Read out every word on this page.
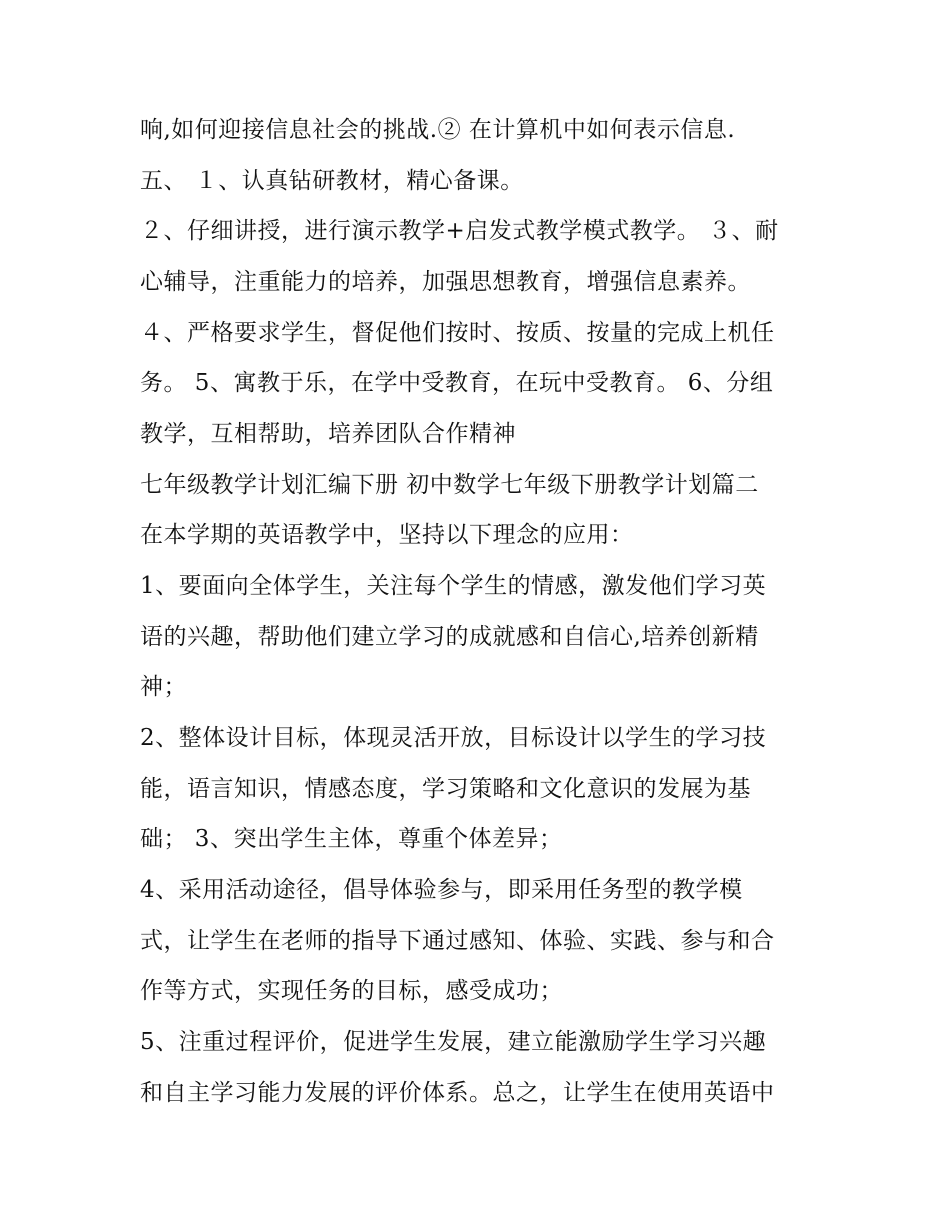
响,如何迎接信息社会的挑战.② 在计算机中如何表示信息.
五、 １、认真钻研教材，精心备课。
２、仔细讲授，进行演示教学+启发式教学模式教学。 ３、耐
心辅导，注重能力的培养，加强思想教育，增强信息素养。
４、严格要求学生，督促他们按时、按质、按量的完成上机任
务。 5、寓教于乐，在学中受教育，在玩中受教育。 6、分组
教学，互相帮助，培养团队合作精神
七年级教学计划汇编下册 初中数学七年级下册教学计划篇二
在本学期的英语教学中，坚持以下理念的应用：
1、要面向全体学生，关注每个学生的情感，激发他们学习英
语的兴趣，帮助他们建立学习的成就感和自信心,培养创新精
神；
2、整体设计目标，体现灵活开放，目标设计以学生的学习技
能，语言知识，情感态度，学习策略和文化意识的发展为基
础； 3、突出学生主体，尊重个体差异；
4、采用活动途径，倡导体验参与，即采用任务型的教学模
式，让学生在老师的指导下通过感知、体验、实践、参与和合
作等方式，实现任务的目标，感受成功；
5、注重过程评价，促进学生发展，建立能激励学生学习兴趣
和自主学习能力发展的评价体系。总之，让学生在使用英语中
